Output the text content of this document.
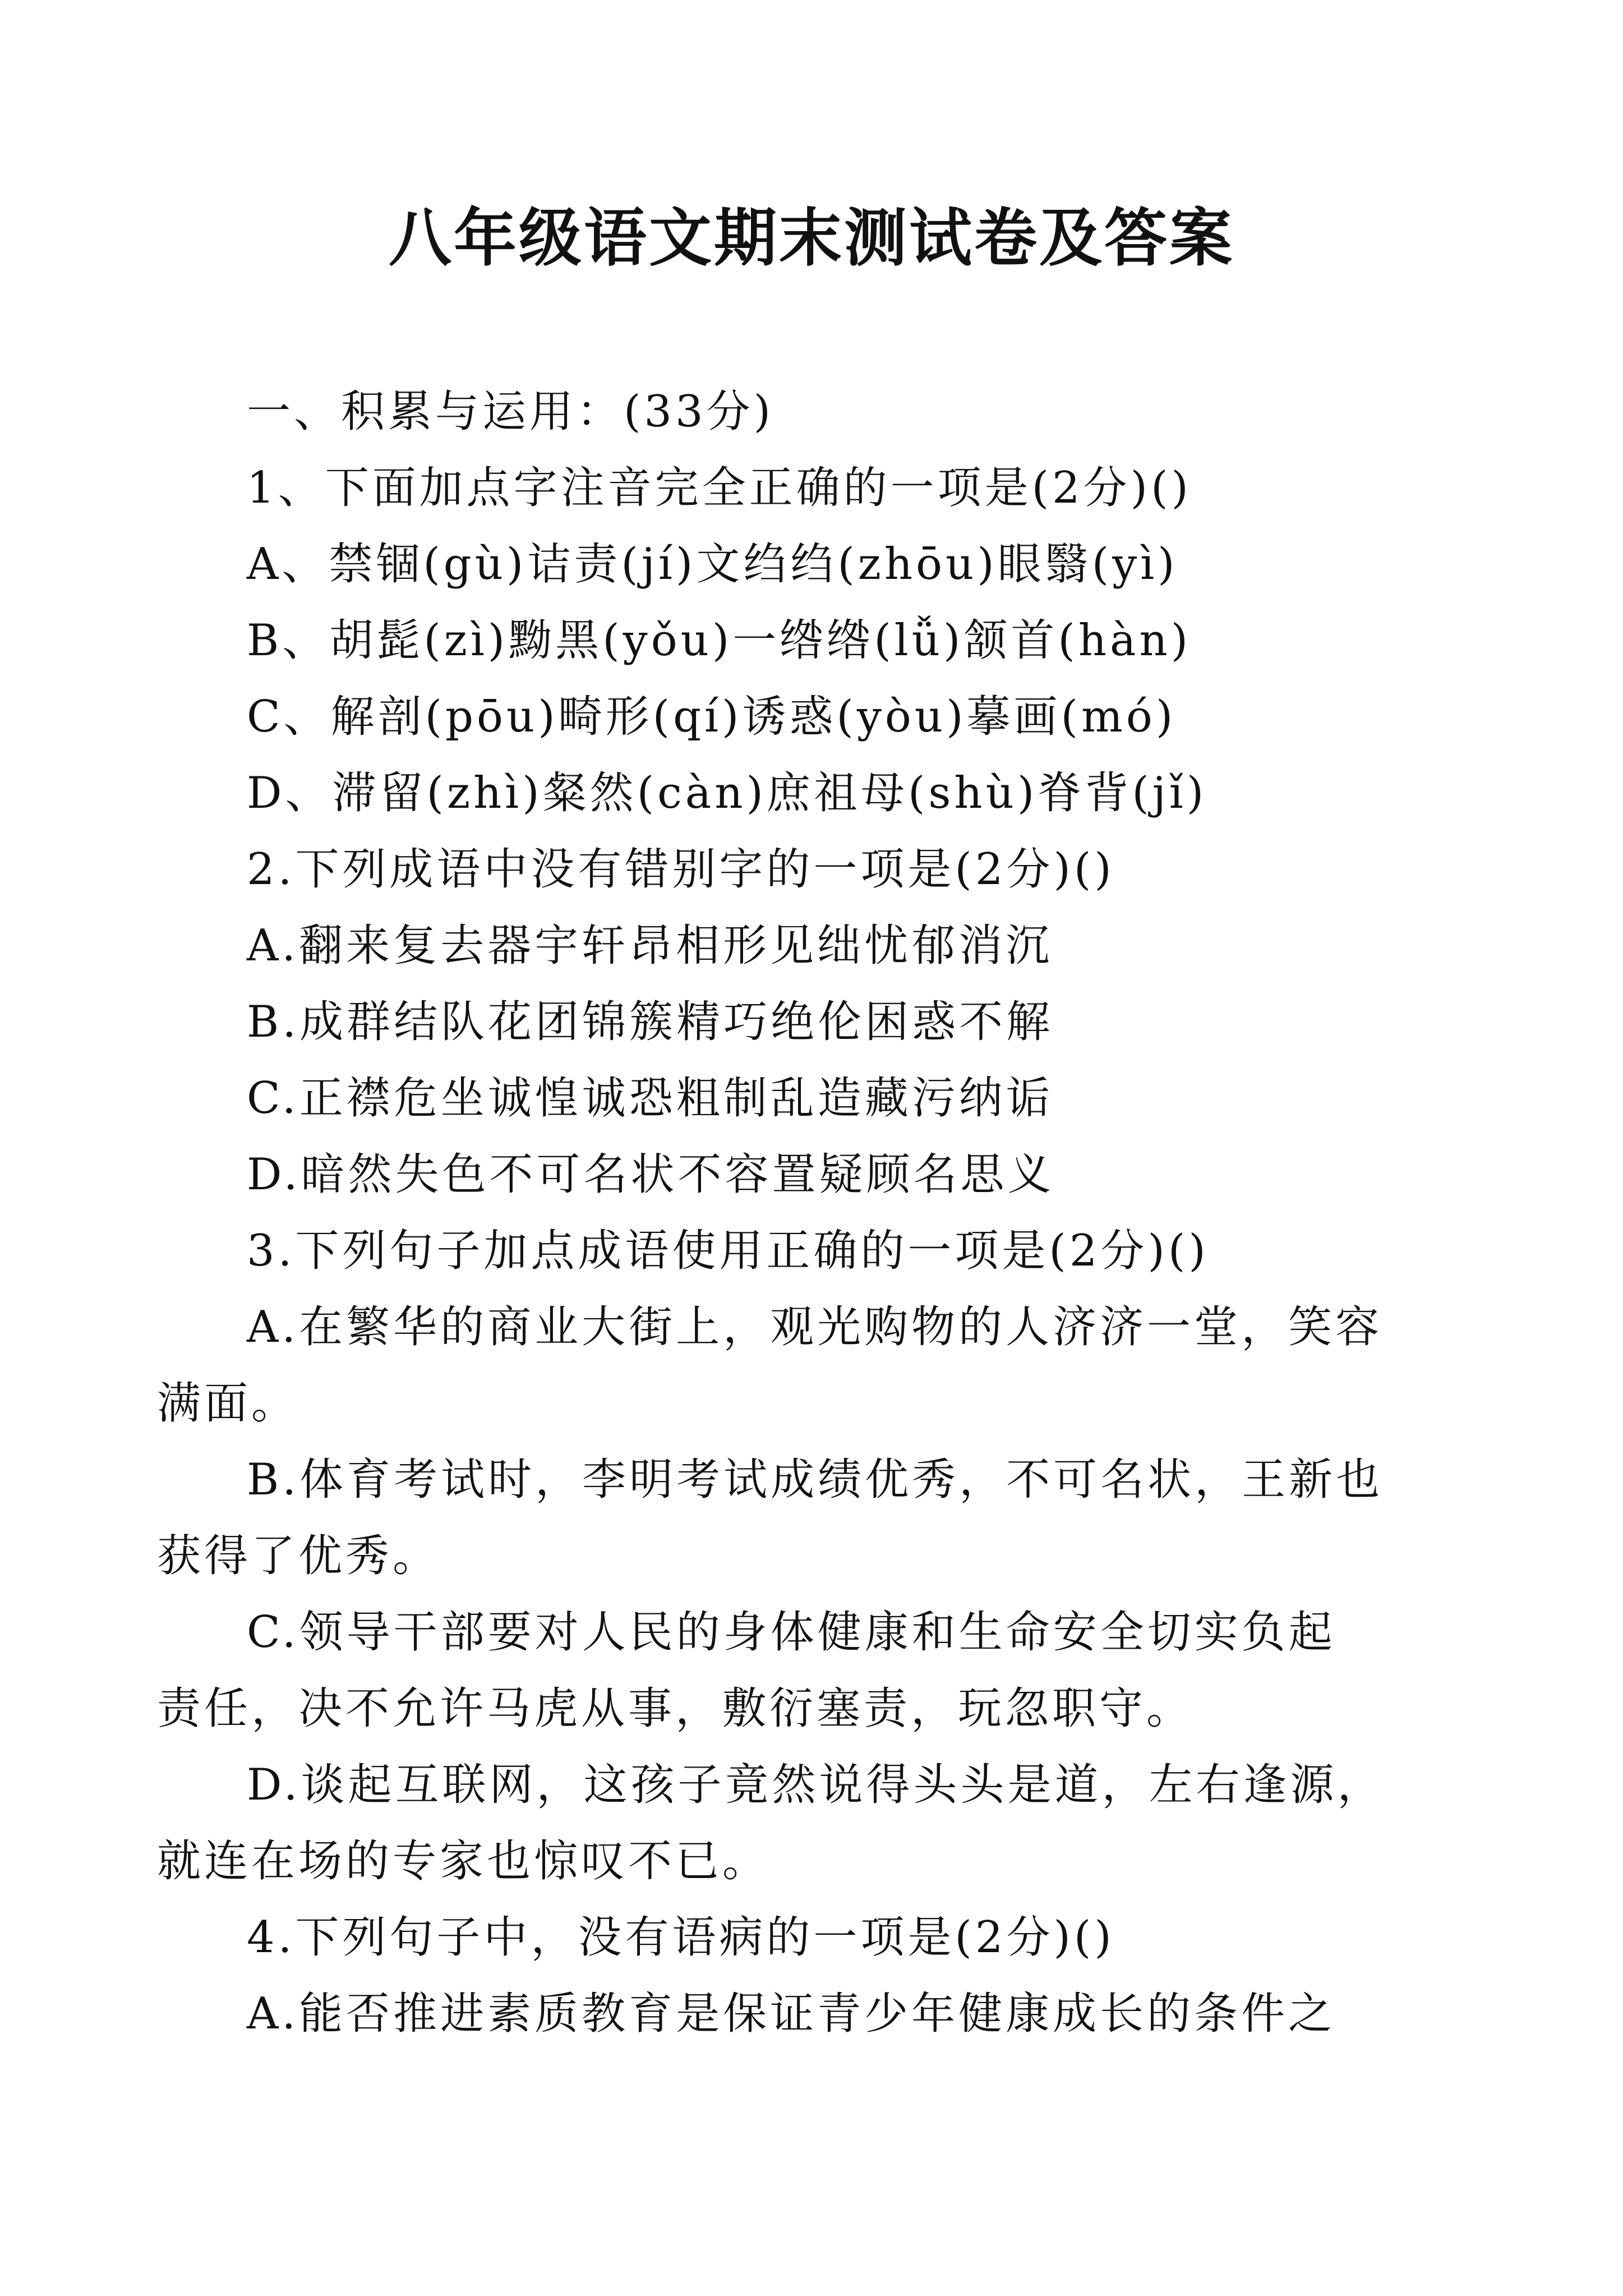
八年级语文期末测试卷及答案
一、积累与运用：(33分)
1、下面加点字注音完全正确的一项是(2分)()
A、禁锢(gù)诘责(jí)文绉绉(zhōu)眼翳(yì)
B、胡髭(zì)黝黑(yǒu)一绺绺(lǚ)颔首(hàn)
C、解剖(pōu)畸形(qí)诱惑(yòu)摹画(mó)
D、滞留(zhì)粲然(càn)庶祖母(shù)脊背(jǐ)
2.下列成语中没有错别字的一项是(2分)()
A.翻来复去器宇轩昂相形见绌忧郁消沉
B.成群结队花团锦簇精巧绝伦困惑不解
C.正襟危坐诚惶诚恐粗制乱造藏污纳诟
D.暗然失色不可名状不容置疑顾名思义
3.下列句子加点成语使用正确的一项是(2分)()
A.在繁华的商业大街上，观光购物的人济济一堂，笑容
满面。
B.体育考试时，李明考试成绩优秀，不可名状，王新也
获得了优秀。
C.领导干部要对人民的身体健康和生命安全切实负起
责任，决不允许马虎从事，敷衍塞责，玩忽职守。
D.谈起互联网，这孩子竟然说得头头是道，左右逢源，
就连在场的专家也惊叹不已。
4.下列句子中，没有语病的一项是(2分)()
A.能否推进素质教育是保证青少年健康成长的条件之
